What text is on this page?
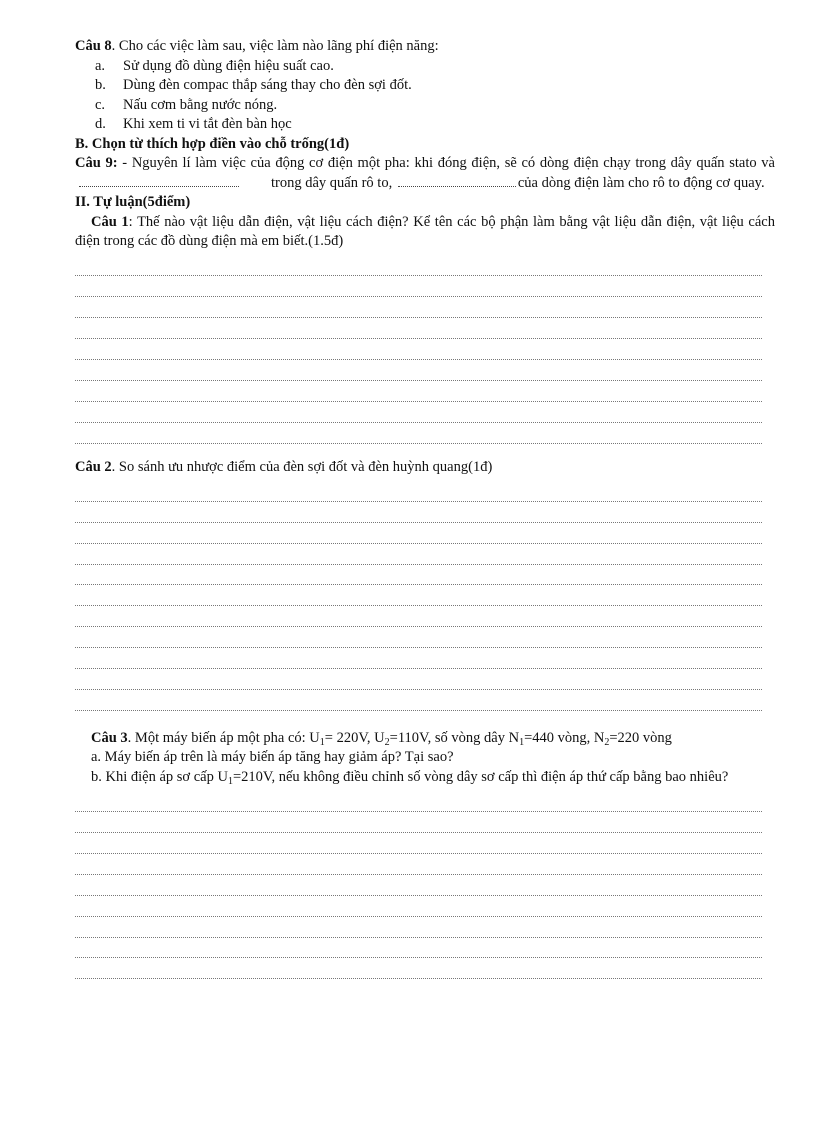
Câu 8. Cho các việc làm sau, việc làm nào lãng phí điện năng:

a.	Sử dụng đồ dùng điện hiệu suất cao.
b.	Dùng đèn compac thắp sáng thay cho đèn sợi đốt.
c.	Nấu cơm bằng nước nóng.
d.	Khi xem ti vi tắt đèn bàn học

B. Chọn từ thích hợp điền vào chỗ trống(1đ)

Câu 9: - Nguyên lí làm việc của động cơ điện một pha: khi đóng điện, sẽ có dòng điện chạy trong dây quấn stato và trong dây quấn rô to,	của dòng điện làm cho rô to động cơ quay.

II. Tự luận(5điểm)

Câu 1: Thế nào vật liệu dẫn điện, vật liệu cách điện? Kể tên các bộ phận làm bằng vật liệu dẫn điện, vật liệu cách điện trong các đồ dùng điện mà em biết.(1.5đ)

Câu 2. So sánh ưu nhược điểm của đèn sợi đốt và đèn huỳnh quang(1đ)

Câu 3. Một máy biến áp một pha có: $U_1= 220V$, $U_2=110V$, số vòng dây $N_1=440$ vòng, $N_2=220$ vòng

a. Máy biến áp trên là máy biến áp tăng hay giảm áp? Tại sao?

b. Khi điện áp sơ cấp $U_1=210V$, nếu không điều chỉnh số vòng dây sơ cấp thì điện áp thứ cấp bằng bao nhiêu?
